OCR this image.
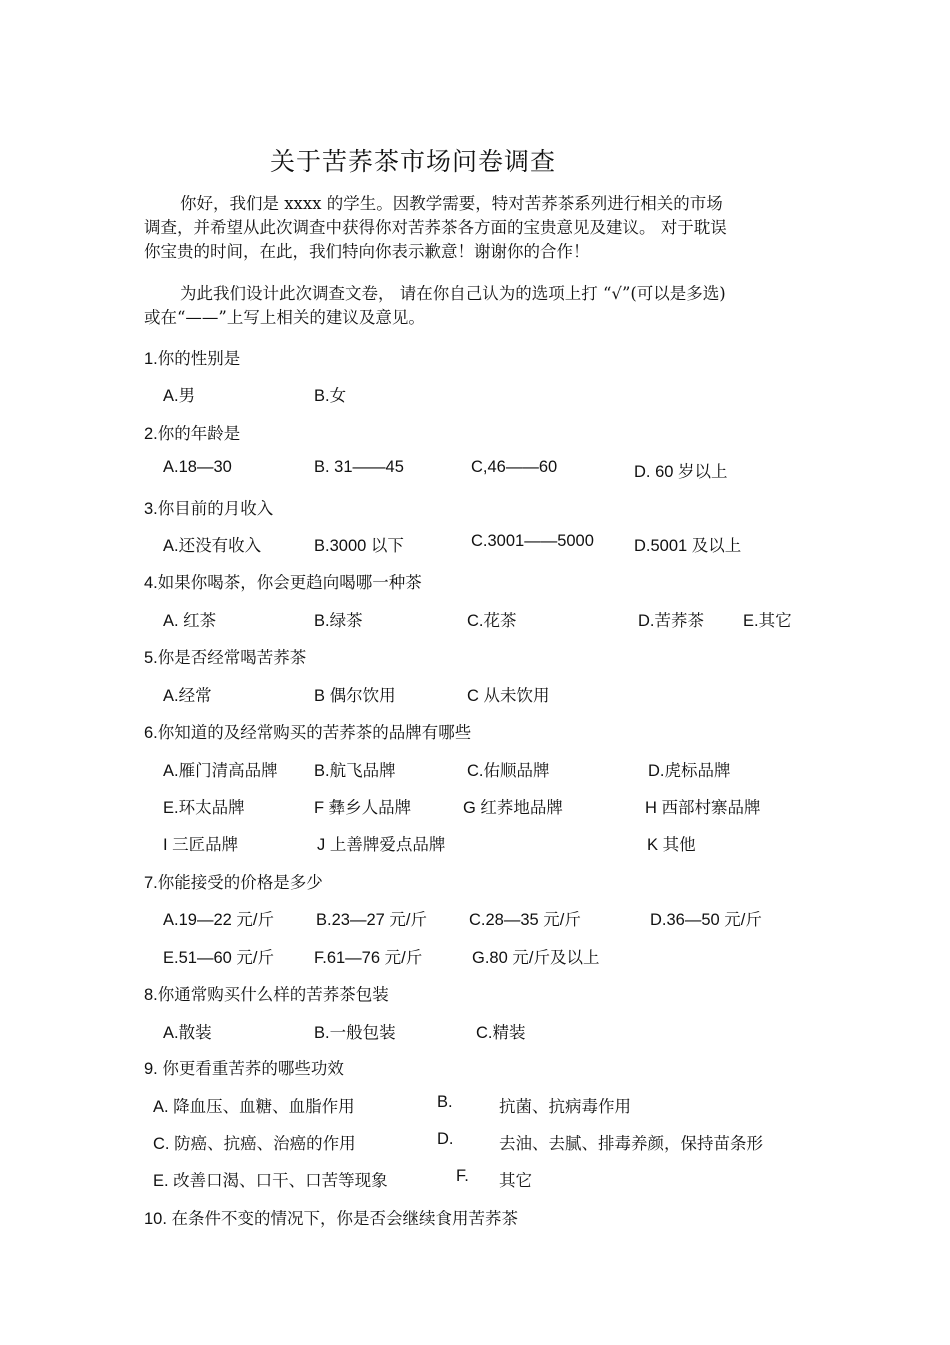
关于苦荞茶市场问卷调查
你好，我们是 xxxx 的学生。因教学需要，特对苦荞茶系列进行相关的市场
调查，并希望从此次调查中获得你对苦荞茶各方面的宝贵意见及建议。 对于耽误
你宝贵的时间，在此，我们特向你表示歉意！谢谢你的合作！
为此我们设计此次调查文卷， 请在你自己认为的选项上打 “√”(可以是多选)
或在“——”上写上相关的建议及意见。
1.你的性别是
A.男	B.女
2.你的年龄是
A.18—30	B. 31——45	C,46——60	D. 60 岁以上
3.你目前的月收入
A.还没有收入	B.3000 以下	C.3001——5000 D.5001 及以上
4.如果你喝茶，你会更趋向喝哪一种茶
A. 红茶	B.绿茶	C.花茶	D.苦荞茶 E.其它
5.你是否经常喝苦荞茶
A.经常	B 偶尔饮用	C 从未饮用
6.你知道的及经常购买的苦荞茶的品牌有哪些
A.雁门清高品牌 B.航飞品牌	C.佑顺品牌	D.虎标品牌
E.环太品牌	F 彝乡人品牌	G 红荞地品牌	H 西部村寨品牌
I 三匠品牌	J 上善牌爱点品牌	K 其他
7.你能接受的价格是多少
A.19—22 元/斤	B.23—27 元/斤	C.28—35 元/斤	D.36—50 元/斤
E.51—60 元/斤 F.61—76 元/斤	G.80 元/斤及以上
8.你通常购买什么样的苦荞茶包装
A.散装	B.一般包装	C.精装
9. 你更看重苦荞的哪些功效
A. 降血压、血糖、血脂作用	B.	抗菌、抗病毒作用
C. 防癌、抗癌、治癌的作用	D.	去油、去腻、排毒养颜，保持苗条形
E. 改善口渴、口干、口苦等现象	F. 其它
10. 在条件不变的情况下，你是否会继续食用苦荞茶
